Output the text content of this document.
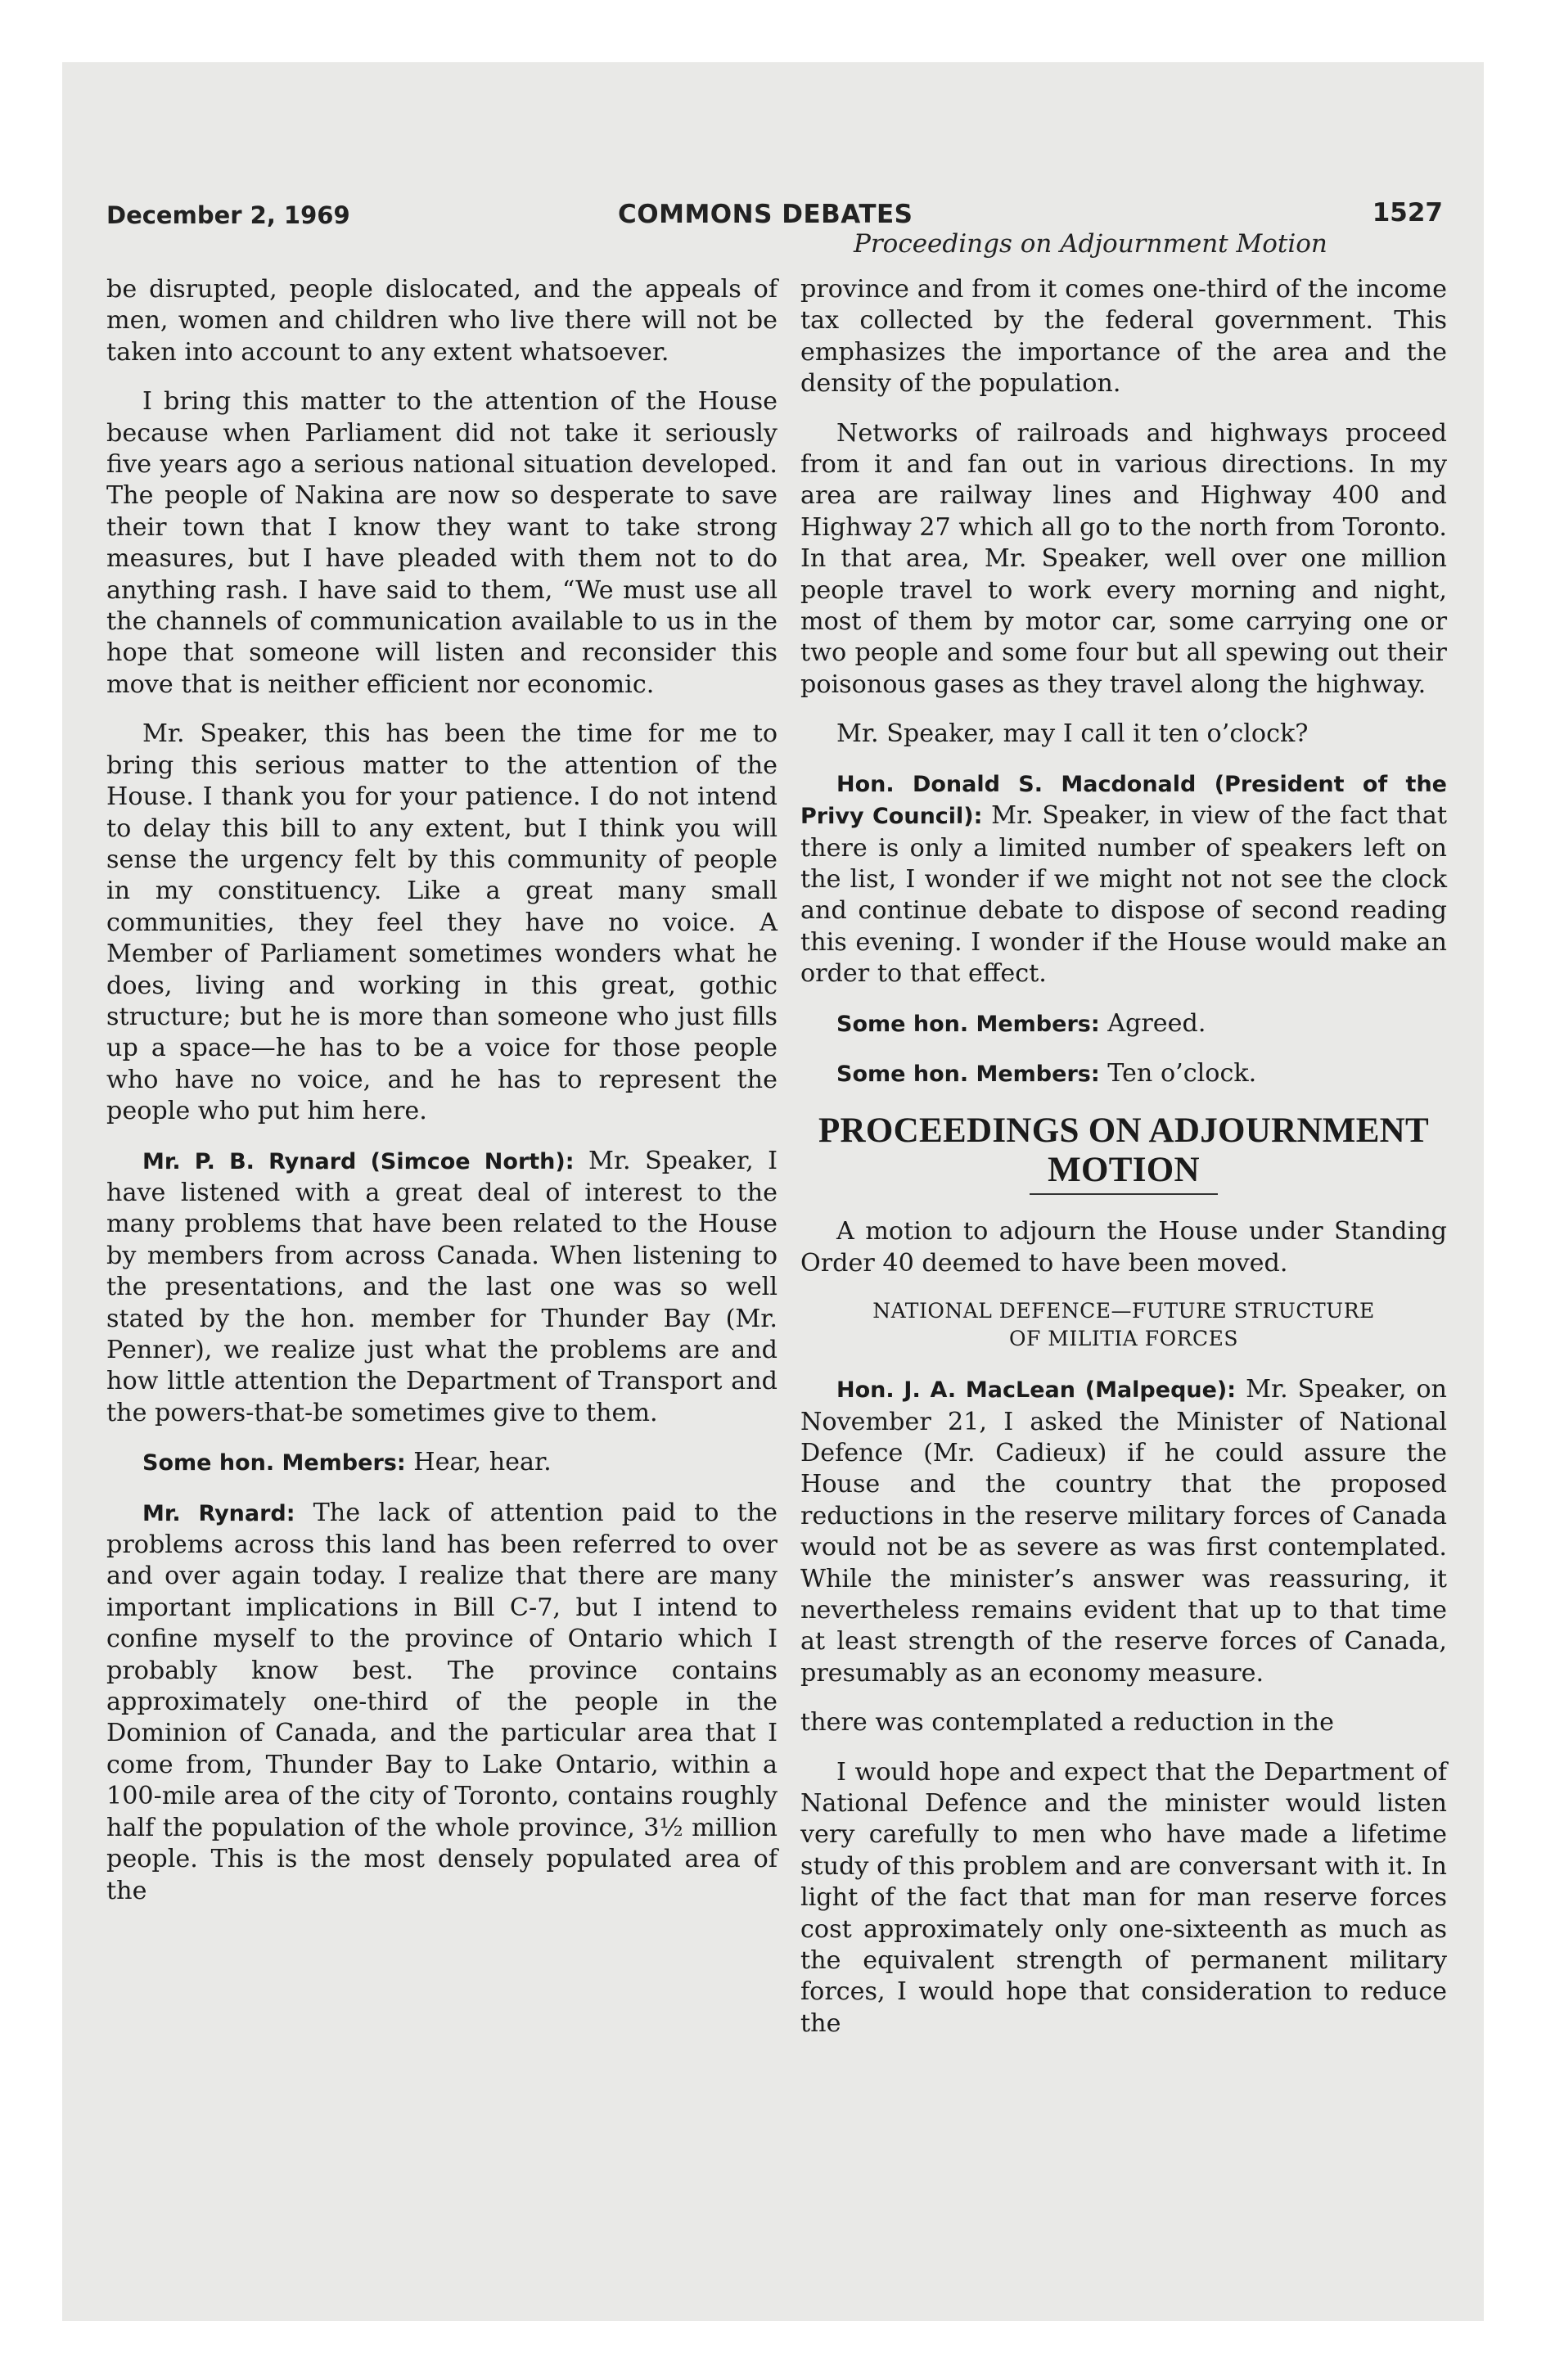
December 2, 1969	COMMONS DEBATES	1527
Proceedings on Adjournment Motion

be disrupted, people dislocated, and the appeals of men, women and children who live there will not be taken into account to any extent whatsoever.

I bring this matter to the attention of the House because when Parliament did not take it seriously five years ago a serious national situation developed. The people of Nakina are now so desperate to save their town that I know they want to take strong measures, but I have pleaded with them not to do anything rash. I have said to them, “We must use all the channels of communication available to us in the hope that someone will listen and reconsider this move that is neither efficient nor economic.

Mr. Speaker, this has been the time for me to bring this serious matter to the attention of the House. I thank you for your patience. I do not intend to delay this bill to any extent, but I think you will sense the urgency felt by this community of people in my constituency. Like a great many small communities, they feel they have no voice. A Member of Parliament sometimes wonders what he does, living and working in this great, gothic structure; but he is more than someone who just fills up a space—he has to be a voice for those people who have no voice, and he has to represent the people who put him here.

Mr. P. B. Rynard (Simcoe North): Mr. Speaker, I have listened with a great deal of interest to the many problems that have been related to the House by members from across Canada. When listening to the presentations, and the last one was so well stated by the hon. member for Thunder Bay (Mr. Penner), we realize just what the problems are and how little attention the Department of Transport and the powers-that-be sometimes give to them.

Some hon. Members: Hear, hear.

Mr. Rynard: The lack of attention paid to the problems across this land has been referred to over and over again today. I realize that there are many important implications in Bill C-7, but I intend to confine myself to the province of Ontario which I probably know best. The province contains approximately one-third of the people in the Dominion of Canada, and the particular area that I come from, Thunder Bay to Lake Ontario, within a 100-mile area of the city of Toronto, contains roughly half the population of the whole province, 3½ million people. This is the most densely populated area of the

province and from it comes one-third of the income tax collected by the federal government. This emphasizes the importance of the area and the density of the population.

Networks of railroads and highways proceed from it and fan out in various directions. In my area are railway lines and Highway 400 and Highway 27 which all go to the north from Toronto. In that area, Mr. Speaker, well over one million people travel to work every morning and night, most of them by motor car, some carrying one or two people and some four but all spewing out their poisonous gases as they travel along the highway.

Mr. Speaker, may I call it ten o’clock?

Hon. Donald S. Macdonald (President of the Privy Council): Mr. Speaker, in view of the fact that there is only a limited number of speakers left on the list, I wonder if we might not not see the clock and continue debate to dispose of second reading this evening. I wonder if the House would make an order to that effect.

Some hon. Members: Agreed.

Some hon. Members: Ten o’clock.

PROCEEDINGS ON ADJOURNMENT
MOTION

A motion to adjourn the House under Standing Order 40 deemed to have been moved.

NATIONAL DEFENCE—FUTURE STRUCTURE
OF MILITIA FORCES

Hon. J. A. MacLean (Malpeque): Mr. Speaker, on November 21, I asked the Minister of National Defence (Mr. Cadieux) if he could assure the House and the country that the proposed reductions in the reserve military forces of Canada would not be as severe as was first contemplated. While the minister’s answer was reassuring, it nevertheless remains evident that up to that time at least strength of the reserve forces of Canada, presumably as an economy measure.

there was contemplated a reduction in the

I would hope and expect that the Department of National Defence and the minister would listen very carefully to men who have made a lifetime study of this problem and are conversant with it. In light of the fact that man for man reserve forces cost approximately only one-sixteenth as much as the equivalent strength of permanent military forces, I would hope that consideration to reduce the
